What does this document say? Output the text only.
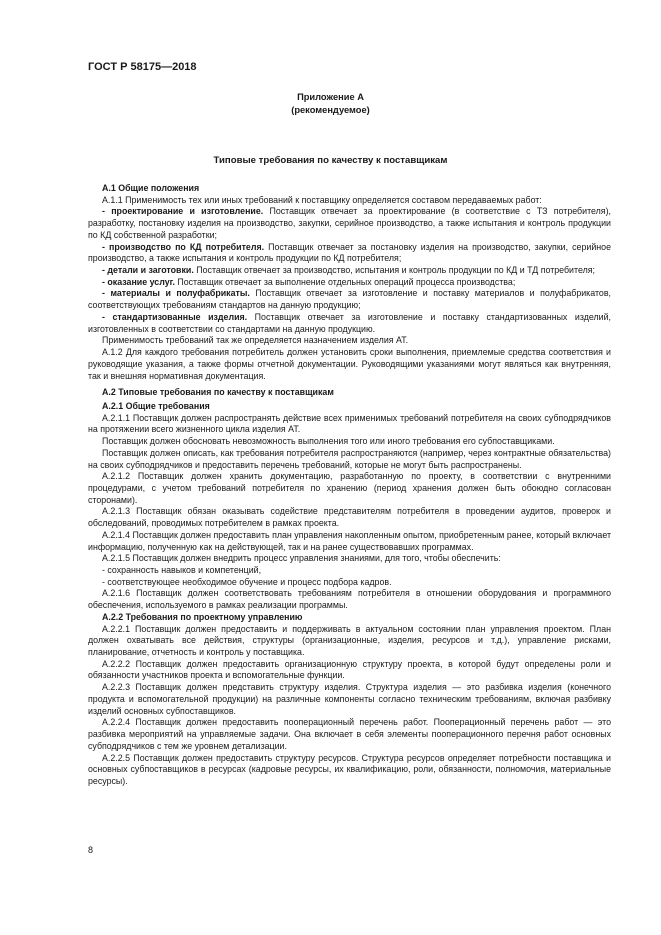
ГОСТ Р 58175—2018
Приложение А
(рекомендуемое)
Типовые требования по качеству к поставщикам

А.1 Общие положения

А.1.1 Применимость тех или иных требований к поставщику определяется составом передаваемых работ:

- проектирование и изготовление. Поставщик отвечает за проектирование (в соответствие с ТЗ потребителя), разработку, постановку изделия на производство, закупки, серийное производство, а также испытания и контроль продукции по КД собственной разработки;

- производство по КД потребителя. Поставщик отвечает за постановку изделия на производство, закупки, серийное производство, а также испытания и контроль продукции по КД потребителя;

- детали и заготовки. Поставщик отвечает за производство, испытания и контроль продукции по КД и ТД потребителя;

- оказание услуг. Поставщик отвечает за выполнение отдельных операций процесса производства;

- материалы и полуфабрикаты. Поставщик отвечает за изготовление и поставку материалов и полуфабрикатов, соответствующих требованиям стандартов на данную продукцию;

- стандартизованные изделия. Поставщик отвечает за изготовление и поставку стандартизованных изделий, изготовленных в соответствии со стандартами на данную продукцию.

Применимость требований так же определяется назначением изделия АТ.

А.1.2 Для каждого требования потребитель должен установить сроки выполнения, приемлемые средства соответствия и руководящие указания, а также формы отчетной документации. Руководящими указаниями могут являться как внутренняя, так и внешняя нормативная документация.

А.2 Типовые требования по качеству к поставщикам

А.2.1 Общие требования

А.2.1.1 Поставщик должен распространять действие всех применимых требований потребителя на своих субподрядчиков на протяжении всего жизненного цикла изделия АТ.

Поставщик должен обосновать невозможность выполнения того или иного требования его субпоставщиками.

Поставщик должен описать, как требования потребителя распространяются (например, через контрактные обязательства) на своих субподрядчиков и предоставить перечень требований, которые не могут быть распространены.

А.2.1.2 Поставщик должен хранить документацию, разработанную по проекту, в соответствии с внутренними процедурами, с учетом требований потребителя по хранению (период хранения должен быть обоюдно согласован сторонами).

А.2.1.3 Поставщик обязан оказывать содействие представителям потребителя в проведении аудитов, проверок и обследований, проводимых потребителем в рамках проекта.

А.2.1.4 Поставщик должен предоставить план управления накопленным опытом, приобретенным ранее, который включает информацию, полученную как на действующей, так и на ранее существовавших программах.

А.2.1.5 Поставщик должен внедрить процесс управления знаниями, для того, чтобы обеспечить:

- сохранность навыков и компетенций,

- соответствующее необходимое обучение и процесс подбора кадров.

А.2.1.6 Поставщик должен соответствовать требованиям потребителя в отношении оборудования и программного обеспечения, используемого в рамках реализации программы.

А.2.2 Требования по проектному управлению

А.2.2.1 Поставщик должен предоставить и поддерживать в актуальном состоянии план управления проектом. План должен охватывать все действия, структуры (организационные, изделия, ресурсов и т.д.), управление рисками, планирование, отчетность и контроль у поставщика.

А.2.2.2 Поставщик должен предоставить организационную структуру проекта, в которой будут определены роли и обязанности участников проекта и вспомогательные функции.

А.2.2.3 Поставщик должен представить структуру изделия. Структура изделия — это разбивка изделия (конечного продукта и вспомогательной продукции) на различные компоненты согласно техническим требованиям, включая разбивку изделий основных субпоставщиков.

А.2.2.4 Поставщик должен предоставить пооперационный перечень работ. Пооперационный перечень работ — это разбивка мероприятий на управляемые задачи. Она включает в себя элементы пооперационного перечня работ основных субподрядчиков с тем же уровнем детализации.

А.2.2.5 Поставщик должен предоставить структуру ресурсов. Структура ресурсов определяет потребности поставщика и основных субпоставщиков в ресурсах (кадровые ресурсы, их квалификацию, роли, обязанности, полномочия, материальные ресурсы).

8
